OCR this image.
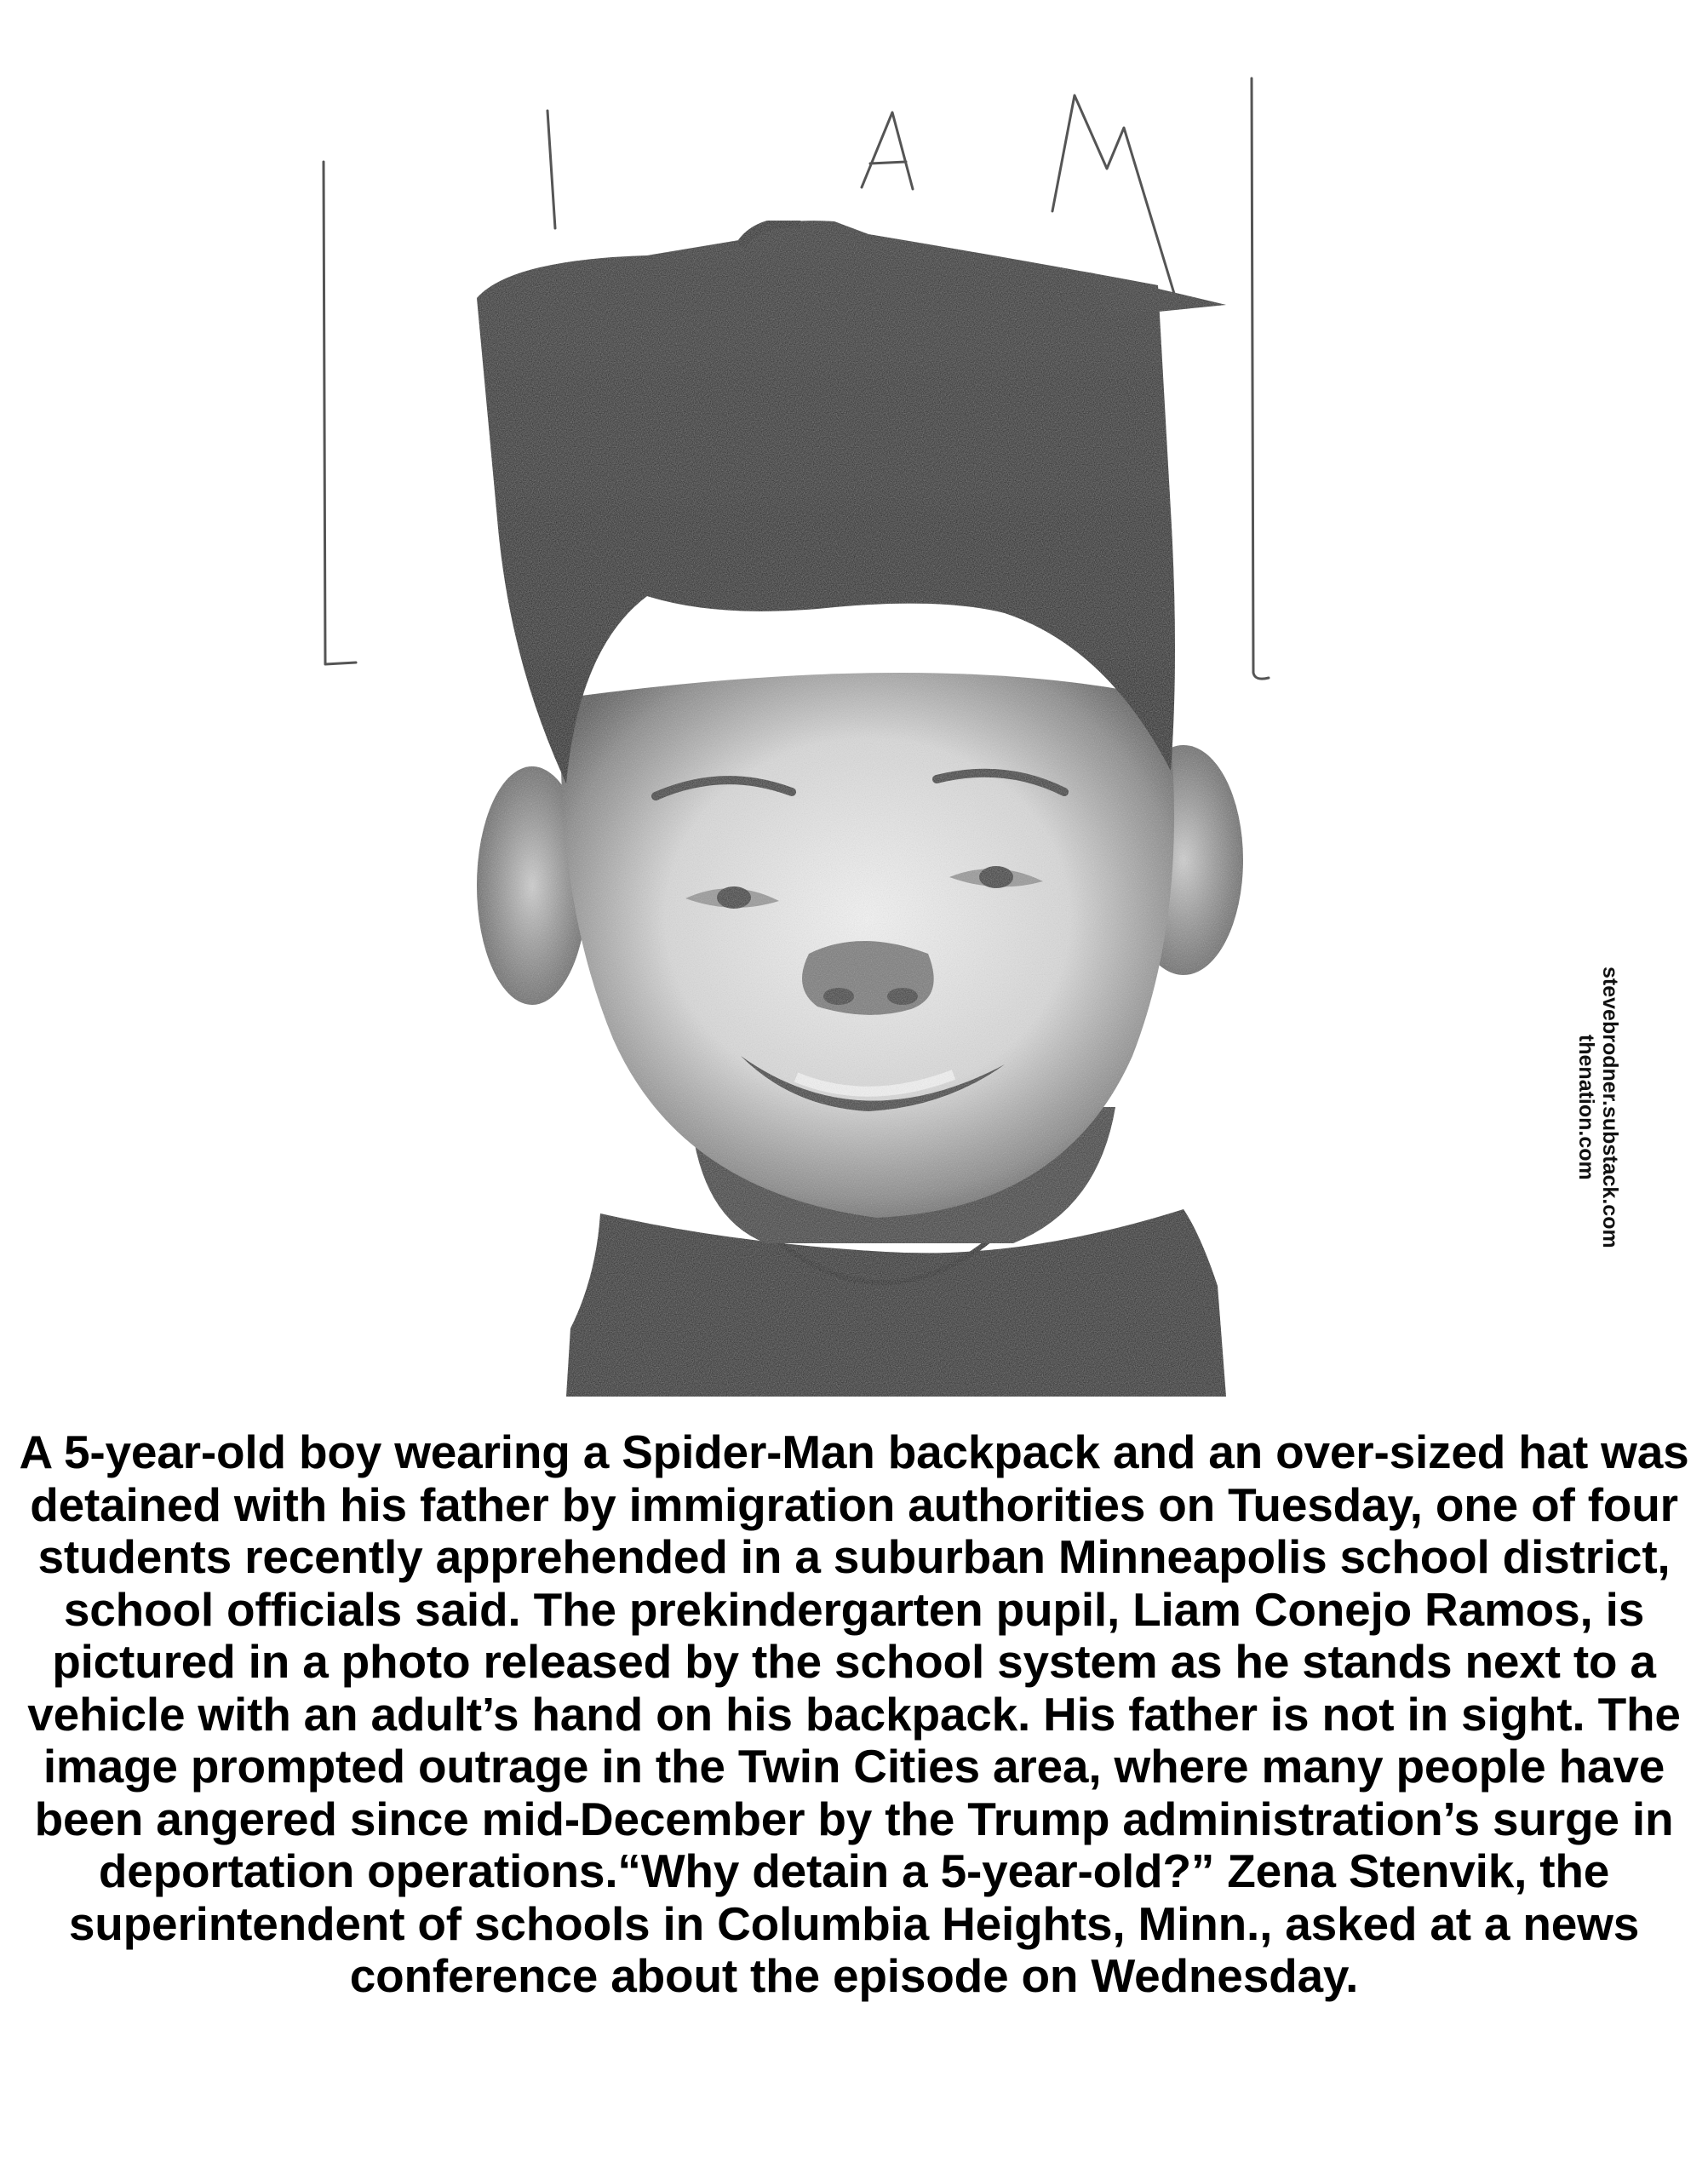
stevebrodner.substack.com
thenation.com

A 5-year-old boy wearing a Spider-Man backpack and an over-sized hat was detained with his father by immigration authorities on Tuesday, one of four students recently apprehended in a suburban Minneapolis school district, school officials said. The prekindergarten pupil, Liam Conejo Ramos, is pictured in a photo released by the school system as he stands next to a vehicle with an adult’s hand on his backpack. His father is not in sight. The image prompted outrage in the Twin Cities area, where many people have been angered since mid-December by the Trump administration’s surge in deportation operations.“Why detain a 5-year-old?” Zena Stenvik, the superintendent of schools in Columbia Heights, Minn., asked at a news conference about the episode on Wednesday.
